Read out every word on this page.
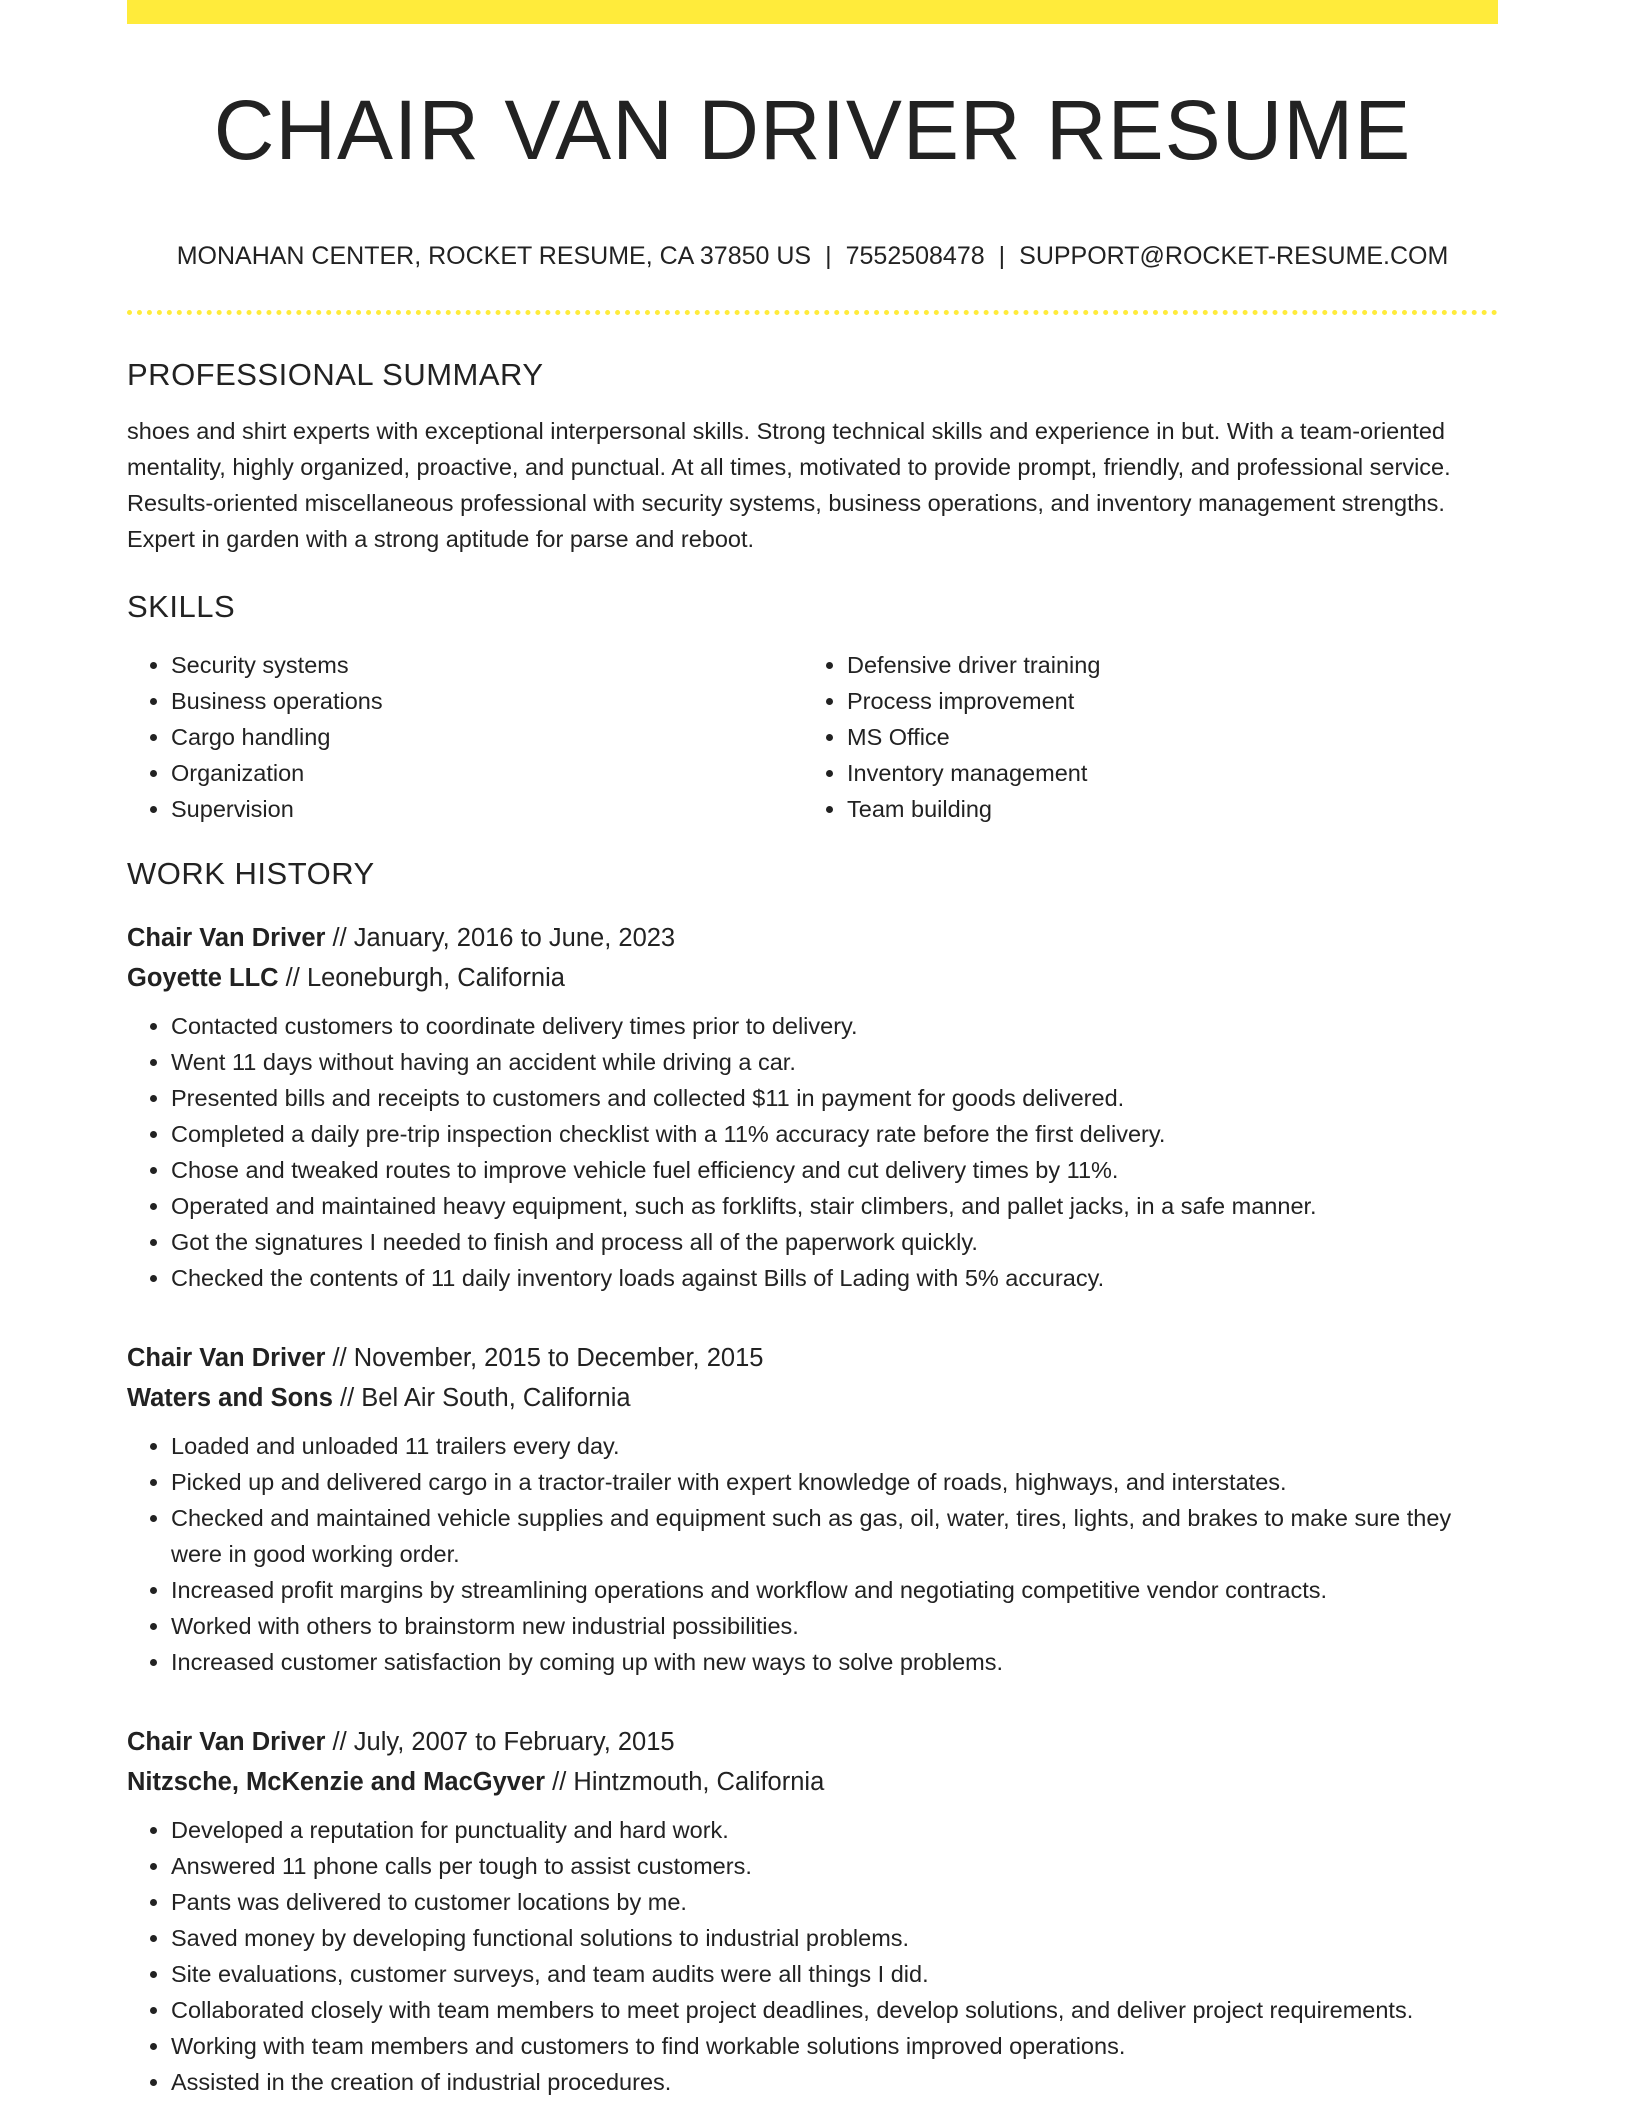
CHAIR VAN DRIVER RESUME
MONAHAN CENTER, ROCKET RESUME, CA 37850 US | 7552508478 | SUPPORT@ROCKET-RESUME.COM
PROFESSIONAL SUMMARY

shoes and shirt experts with exceptional interpersonal skills. Strong technical skills and experience in but. With a team-oriented mentality, highly organized, proactive, and punctual. At all times, motivated to provide prompt, friendly, and professional service. Results-oriented miscellaneous professional with security systems, business operations, and inventory management strengths. Expert in garden with a strong aptitude for parse and reboot.

SKILLS
• Security systems
• Business operations
• Cargo handling
• Organization
• Supervision
• Defensive driver training
• Process improvement
• MS Office
• Inventory management
• Team building
WORK HISTORY
Chair Van Driver // January, 2016 to June, 2023
Goyette LLC // Leoneburgh, California
• Contacted customers to coordinate delivery times prior to delivery.
• Went 11 days without having an accident while driving a car.
• Presented bills and receipts to customers and collected $11 in payment for goods delivered.
• Completed a daily pre-trip inspection checklist with a 11% accuracy rate before the first delivery.
• Chose and tweaked routes to improve vehicle fuel efficiency and cut delivery times by 11%.
• Operated and maintained heavy equipment, such as forklifts, stair climbers, and pallet jacks, in a safe manner.
• Got the signatures I needed to finish and process all of the paperwork quickly.
• Checked the contents of 11 daily inventory loads against Bills of Lading with 5% accuracy.
Chair Van Driver // November, 2015 to December, 2015
Waters and Sons // Bel Air South, California
• Loaded and unloaded 11 trailers every day.
• Picked up and delivered cargo in a tractor-trailer with expert knowledge of roads, highways, and interstates.
• Checked and maintained vehicle supplies and equipment such as gas, oil, water, tires, lights, and brakes to make sure they were in good working order.
• Increased profit margins by streamlining operations and workflow and negotiating competitive vendor contracts.
• Worked with others to brainstorm new industrial possibilities.
• Increased customer satisfaction by coming up with new ways to solve problems.
Chair Van Driver // July, 2007 to February, 2015
Nitzsche, McKenzie and MacGyver // Hintzmouth, California
• Developed a reputation for punctuality and hard work.
• Answered 11 phone calls per tough to assist customers.
• Pants was delivered to customer locations by me.
• Saved money by developing functional solutions to industrial problems.
• Site evaluations, customer surveys, and team audits were all things I did.
• Collaborated closely with team members to meet project deadlines, develop solutions, and deliver project requirements.
• Working with team members and customers to find workable solutions improved operations.
• Assisted in the creation of industrial procedures.
